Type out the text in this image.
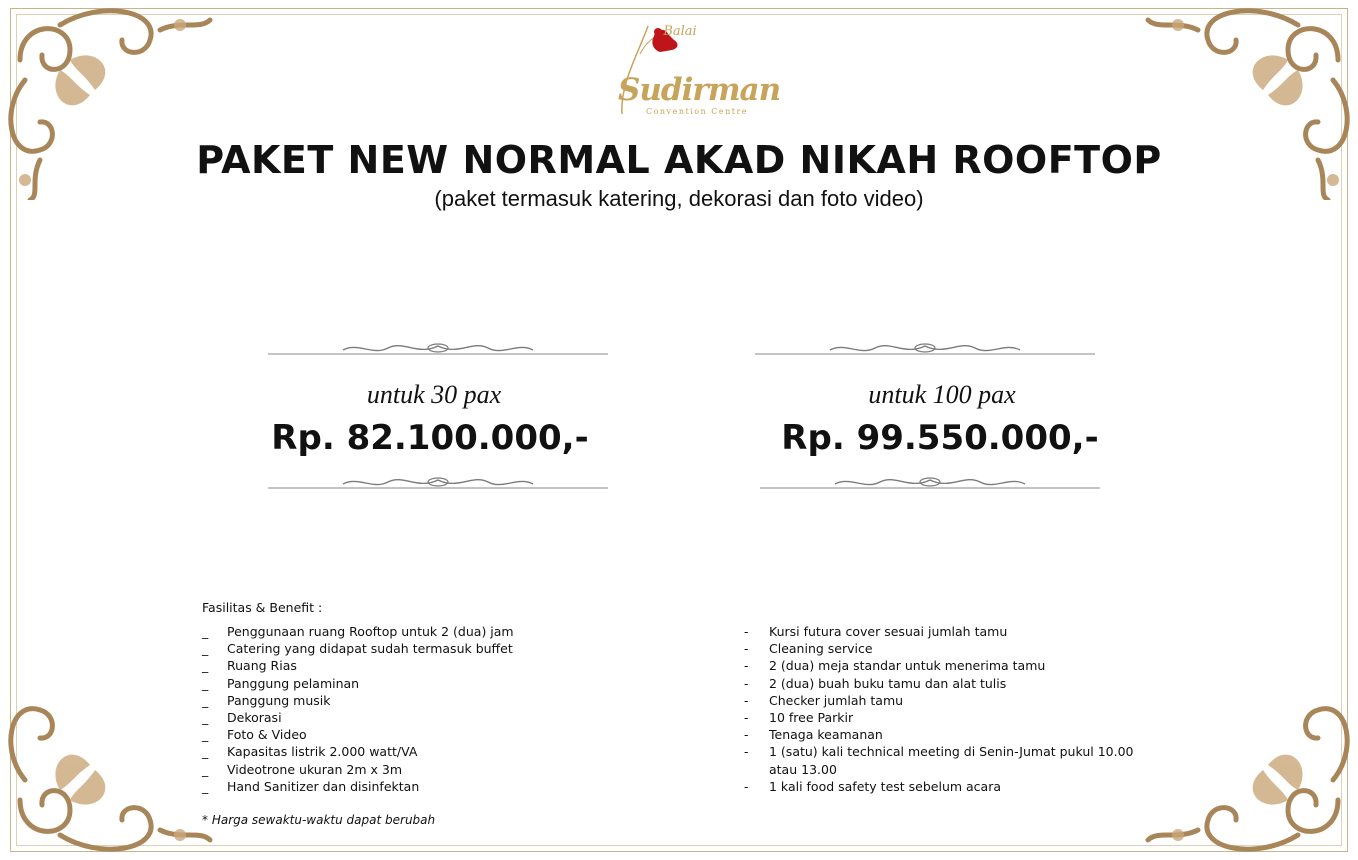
Balai
Sudirman
Convention Centre
PAKET NEW NORMAL AKAD NIKAH ROOFTOP
(paket termasuk katering, dekorasi dan foto video)
untuk 30 pax
Rp. 82.100.000,-
untuk 100 pax
Rp. 99.550.000,-
Fasilitas & Benefit :
_ Penggunaan ruang Rooftop untuk 2 (dua) jam
_ Catering yang didapat sudah termasuk buffet
_ Ruang Rias
_ Panggung pelaminan
_ Panggung musik
_ Dekorasi
_ Foto & Video
_ Kapasitas listrik 2.000 watt/VA
_ Videotrone ukuran 2m x 3m
_ Hand Sanitizer dan disinfektan
- Kursi futura cover sesuai jumlah tamu
- Cleaning service
- 2 (dua) meja standar untuk menerima tamu
- 2 (dua) buah buku tamu dan alat tulis
- Checker jumlah tamu
- 10 free Parkir
- Tenaga keamanan
- 1 (satu) kali technical meeting di Senin-Jumat pukul 10.00
atau 13.00
- 1 kali food safety test sebelum acara
* Harga sewaktu-waktu dapat berubah
